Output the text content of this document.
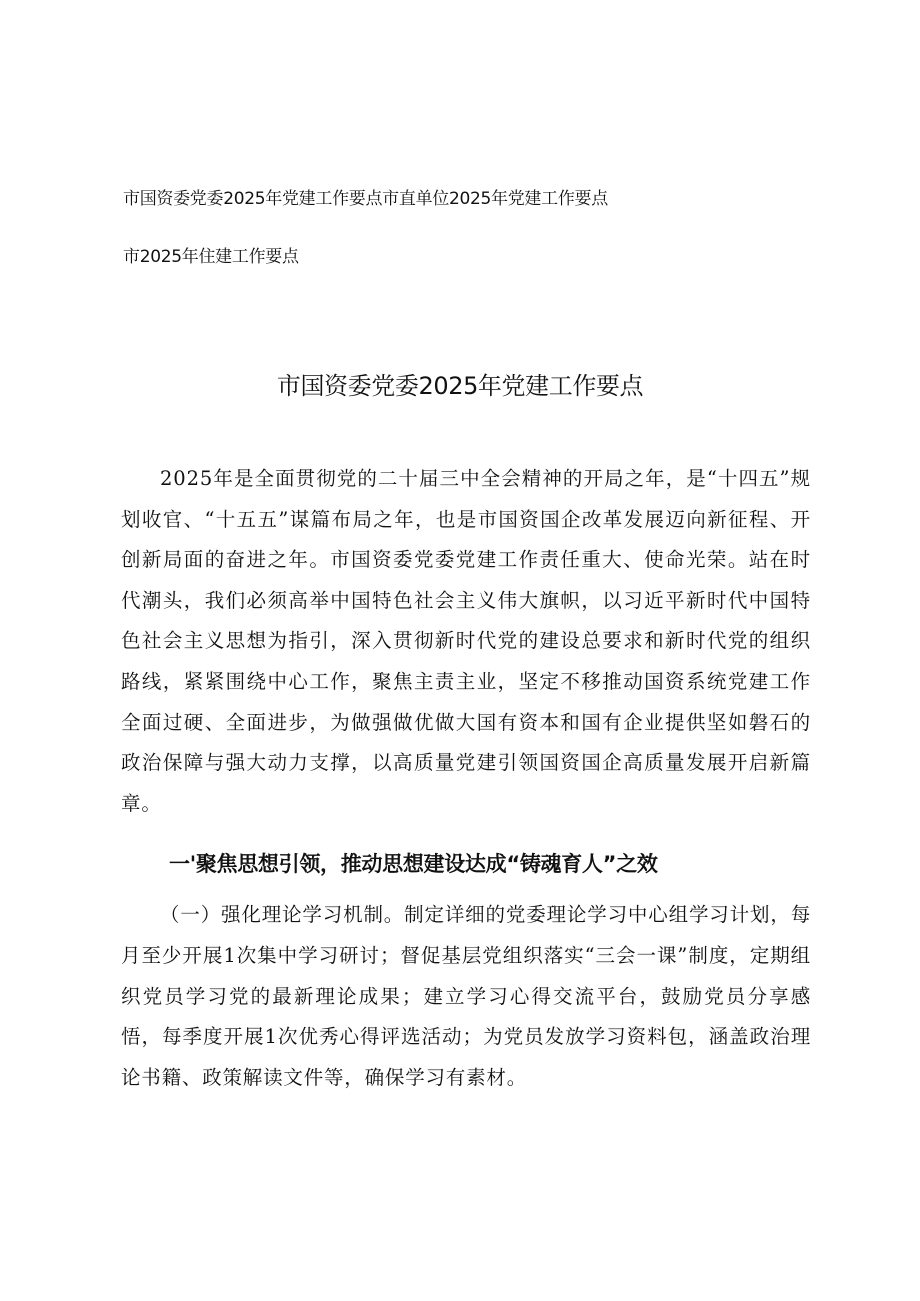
市国资委党委2025年党建工作要点市直单位2025年党建工作要点
市2025年住建工作要点
市国资委党委2025年党建工作要点

2025年是全面贯彻党的二十届三中全会精神的开局之年，是“十四五”规划收官、“十五五”谋篇布局之年，也是市国资国企改革发展迈向新征程、开创新局面的奋进之年。市国资委党委党建工作责任重大、使命光荣。站在时代潮头，我们必须高举中国特色社会主义伟大旗帜，以习近平新时代中国特色社会主义思想为指引，深入贯彻新时代党的建设总要求和新时代党的组织路线，紧紧围绕中心工作，聚焦主责主业，坚定不移推动国资系统党建工作全面过硬、全面进步，为做强做优做大国有资本和国有企业提供坚如磐石的政治保障与强大动力支撑，以高质量党建引领国资国企高质量发展开启新篇章。

一'聚焦思想引领，推动思想建设达成“铸魂育人”之效

（一）强化理论学习机制。制定详细的党委理论学习中心组学习计划，每月至少开展1次集中学习研讨；督促基层党组织落实“三会一课”制度，定期组织党员学习党的最新理论成果；建立学习心得交流平台，鼓励党员分享感悟，每季度开展1次优秀心得评选活动；为党员发放学习资料包，涵盖政治理论书籍、政策解读文件等，确保学习有素材。
